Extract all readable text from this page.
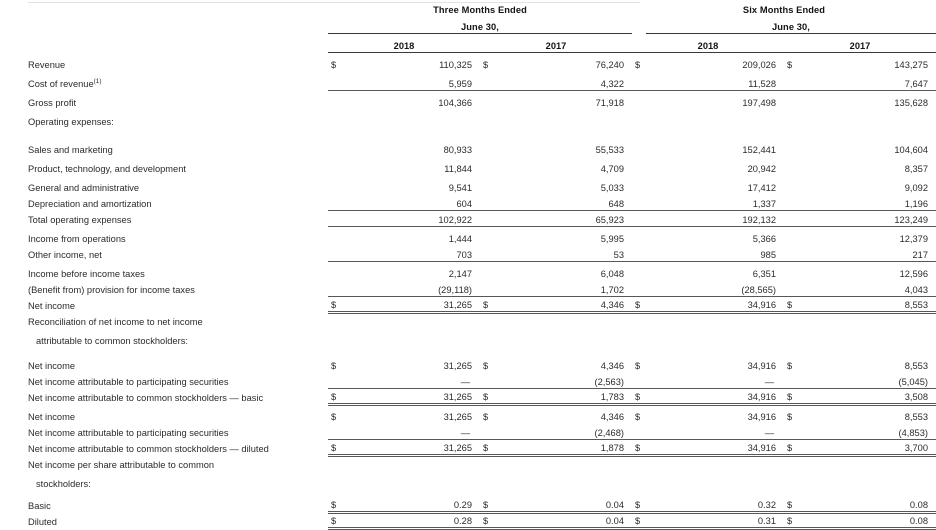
	Three Months Ended				Six Months Ended			
	June 30,					June 30,		
	2018		2017		2018		2017	
Revenue	$	110,325	$	76,240	$	209,026	$	143,275
Cost of revenue$^{(1)}$		5,959		4,322		11,528		7,647
Gross profit		104,366		71,918		197,498		135,628
Operating expenses:								

Sales and marketing		80,933		55,533		152,441		104,604
Product, technology, and development		11,844		4,709		20,942		8,357
General and administrative		9,541		5,033		17,412		9,092
Depreciation and amortization		604		648		1,337		1,196
Total operating expenses		102,922		65,923		192,132		123,249
Income from operations		1,444		5,995		5,366		12,379
Other income, net		703		53		985		217
Income before income taxes		2,147		6,048		6,351		12,596
(Benefit from) provision for income taxes		(29,118)		1,702		(28,565)		4,043
Net income	$	31,265	$	4,346	$	34,916	$	8,553
Reconciliation of net income to net income								
attributable to common stockholders:								

Net income	$	31,265	$	4,346	$	34,916	$	8,553
Net income attributable to participating securities		—		(2,563)		—		(5,045)
Net income attributable to common stockholders — basic	$	31,265	$	1,783	$	34,916	$	3,508
Net income	$	31,265	$	4,346	$	34,916	$	8,553
Net income attributable to participating securities		—		(2,468)		—		(4,853)
Net income attributable to common stockholders — diluted	$	31,265	$	1,878	$	34,916	$	3,700
Net income per share attributable to common								
stockholders:								

Basic	$	0.29	$	0.04	$	0.32	$	0.08
Diluted	$	0.28	$	0.04	$	0.31	$	0.08
